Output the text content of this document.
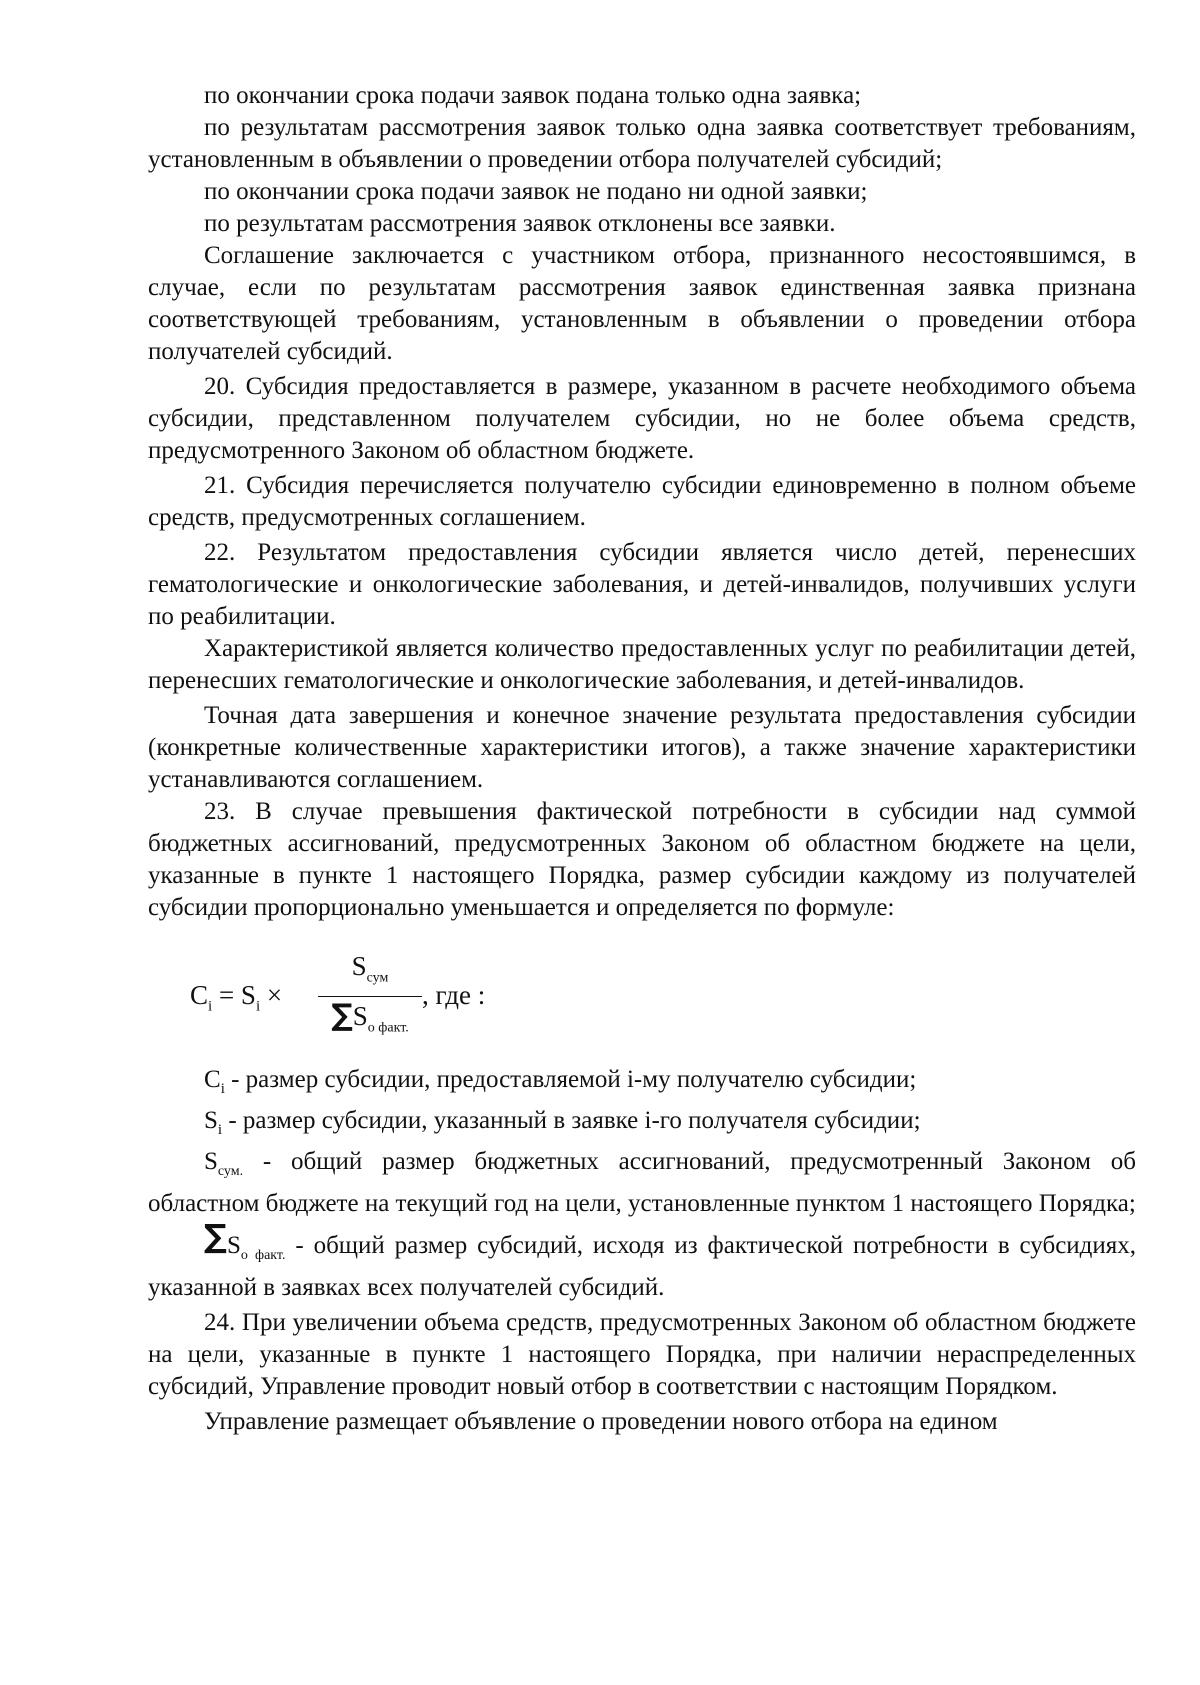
по окончании срока подачи заявок подана только одна заявка;

по результатам рассмотрения заявок только одна заявка соответствует требованиям, установленным в объявлении о проведении отбора получателей субсидий;

по окончании срока подачи заявок не подано ни одной заявки;

по результатам рассмотрения заявок отклонены все заявки.

Соглашение заключается с участником отбора, признанного несостоявшимся, в случае, если по результатам рассмотрения заявок единственная заявка признана соответствующей требованиям, установленным в объявлении о проведении отбора получателей субсидий.

20. Субсидия предоставляется в размере, указанном в расчете необходимого объема субсидии, представленном получателем субсидии, но не более объема средств, предусмотренного Законом об областном бюджете.

21. Субсидия перечисляется получателю субсидии единовременно в полном объеме средств, предусмотренных соглашением.

22. Результатом предоставления субсидии является число детей, перенесших гематологические и онкологические заболевания, и детей-инвалидов, получивших услуги по реабилитации.

Характеристикой является количество предоставленных услуг по реабилитации детей, перенесших гематологические и онкологические заболевания, и детей-инвалидов.

Точная дата завершения и конечное значение результата предоставления субсидии (конкретные количественные характеристики итогов), а также значение характеристики устанавливаются соглашением.

23. В случае превышения фактической потребности в субсидии над суммой бюджетных ассигнований, предусмотренных Законом об областном бюджете на цели, указанные в пункте 1 настоящего Порядка, размер субсидии каждому из получателей субсидии пропорционально уменьшается и определяется по формуле:

$C_i = S_i$ ×
$S_{сум}$
$\sum S_{о факт.}$
, где :

$C_i$ - размер субсидии, предоставляемой i-му получателю субсидии;

$S_i$ - размер субсидии, указанный в заявке i-го получателя субсидии;

$S_{сум.}$ - общий размер бюджетных ассигнований, предусмотренный Законом об областном бюджете на текущий год на цели, установленные пунктом 1 настоящего Порядка;

$\sum S_{о факт.}$ - общий размер субсидий, исходя из фактической потребности в субсидиях, указанной в заявках всех получателей субсидий.

24. При увеличении объема средств, предусмотренных Законом об областном бюджете на цели, указанные в пункте 1 настоящего Порядка, при наличии нераспределенных субсидий, Управление проводит новый отбор в соответствии с настоящим Порядком.

Управление размещает объявление о проведении нового отбора на едином
